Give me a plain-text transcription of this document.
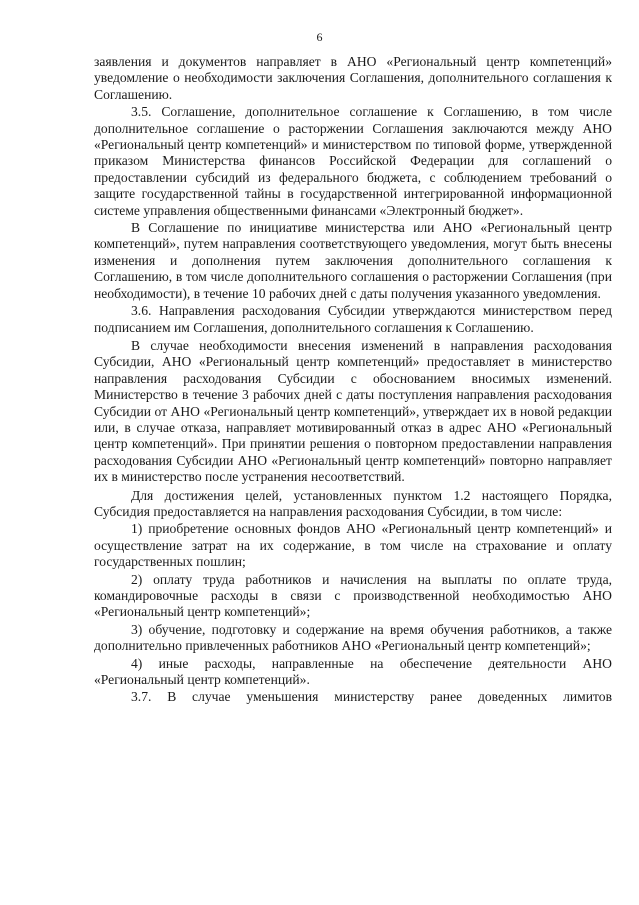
6

заявления и документов направляет в АНО «Региональный центр компетенций» уведомление о необходимости заключения Соглашения, дополнительного соглашения к Соглашению.

3.5. Соглашение, дополнительное соглашение к Соглашению, в том числе дополнительное соглашение о расторжении Соглашения заключаются между АНО «Региональный центр компетенций» и министерством по типовой форме, утвержденной приказом Министерства финансов Российской Федерации для соглашений о предоставлении субсидий из федерального бюджета, с соблюдением требований о защите государственной тайны в государственной интегрированной информационной системе управления общественными финансами «Электронный бюджет».

В Соглашение по инициативе министерства или АНО «Региональный центр компетенций», путем направления соответствующего уведомления, могут быть внесены изменения и дополнения путем заключения дополнительного соглашения к Соглашению, в том числе дополнительного соглашения о расторжении Соглашения (при необходимости), в течение 10 рабочих дней с даты получения указанного уведомления.

3.6. Направления расходования Субсидии утверждаются министерством перед подписанием им Соглашения, дополнительного соглашения к Соглашению.

В случае необходимости внесения изменений в направления расходования Субсидии, АНО «Региональный центр компетенций» предоставляет в министерство направления расходования Субсидии с обоснованием вносимых изменений. Министерство в течение 3 рабочих дней с даты поступления направления расходования Субсидии от АНО «Региональный центр компетенций», утверждает их в новой редакции или, в случае отказа, направляет мотивированный отказ в адрес АНО «Региональный центр компетенций». При принятии решения о повторном предоставлении направления расходования Субсидии АНО «Региональный центр компетенций» повторно направляет их в министерство после устранения несоответствий.

Для достижения целей, установленных пунктом 1.2 настоящего Порядка, Субсидия предоставляется на направления расходования Субсидии, в том числе:

1) приобретение основных фондов АНО «Региональный центр компетенций» и осуществление затрат на их содержание, в том числе на страхование и оплату государственных пошлин;

2) оплату труда работников и начисления на выплаты по оплате труда, командировочные расходы в связи с производственной необходимостью АНО «Региональный центр компетенций»;

3) обучение, подготовку и содержание на время обучения работников, а также дополнительно привлеченных работников АНО «Региональный центр компетенций»;

4) иные расходы, направленные на обеспечение деятельности АНО «Региональный центр компетенций».

3.7. В случае уменьшения министерству ранее доведенных лимитов
